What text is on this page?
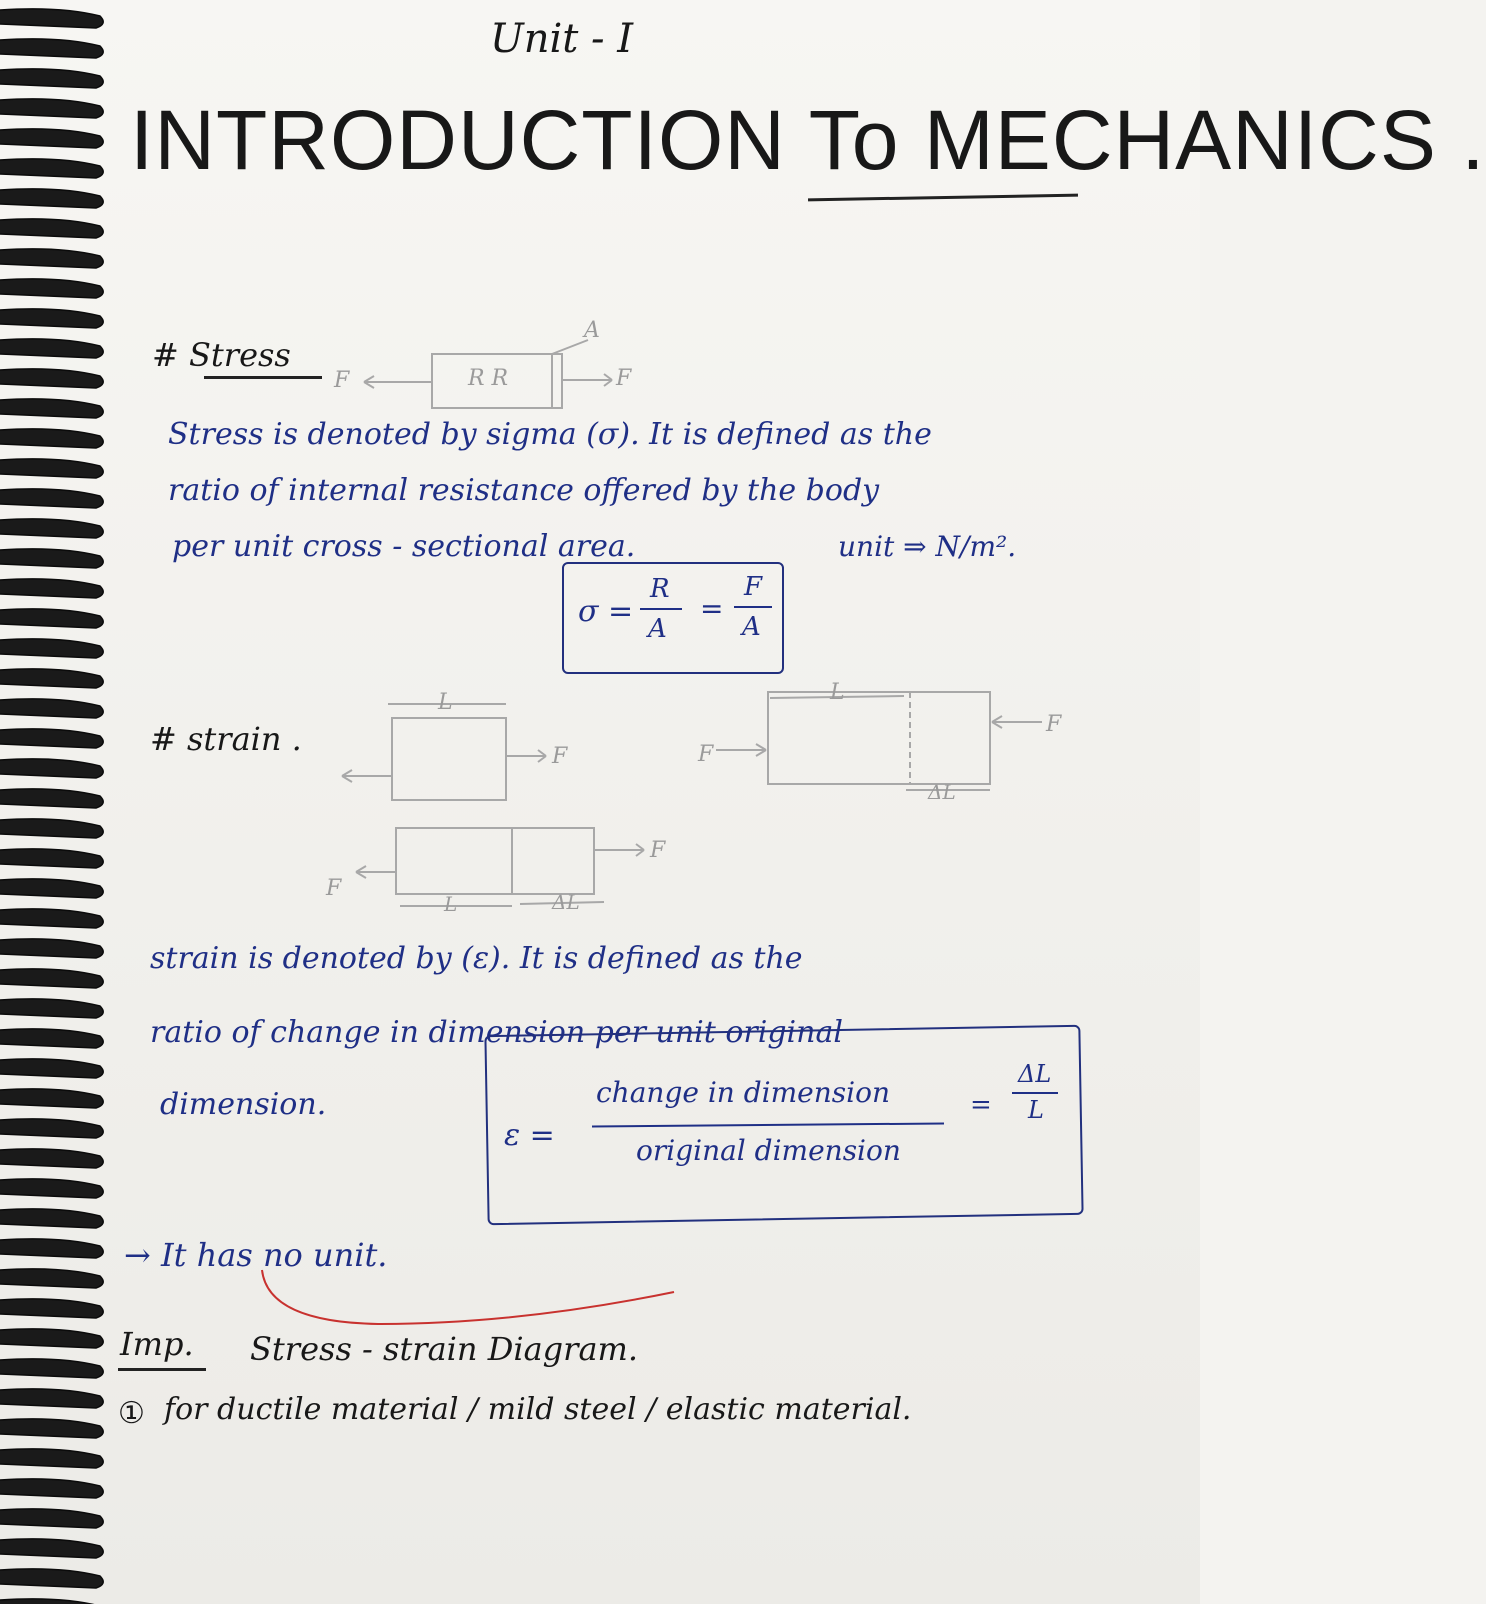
Unit - I
INTRODUCTION To MECHANICS .
# Stress
A
F	R R	F
Stress is denoted by sigma (σ). It is defined as the
ratio of internal resistance offered by the body
per unit cross - sectional area.	unit ⇒ N/m².
σ =
R
A
=
F
A
# strain .
L
F
L
ΔL
F
F
L	ΔL
F
F
strain is denoted by (ε). It is defined as the
ratio of change in dimension per unit original
dimension.
ε =
change in dimension
original dimension
=
ΔL
L
→ It has no unit.
Imp. Stress - strain Diagram.
① for ductile material / mild steel / elastic material.
